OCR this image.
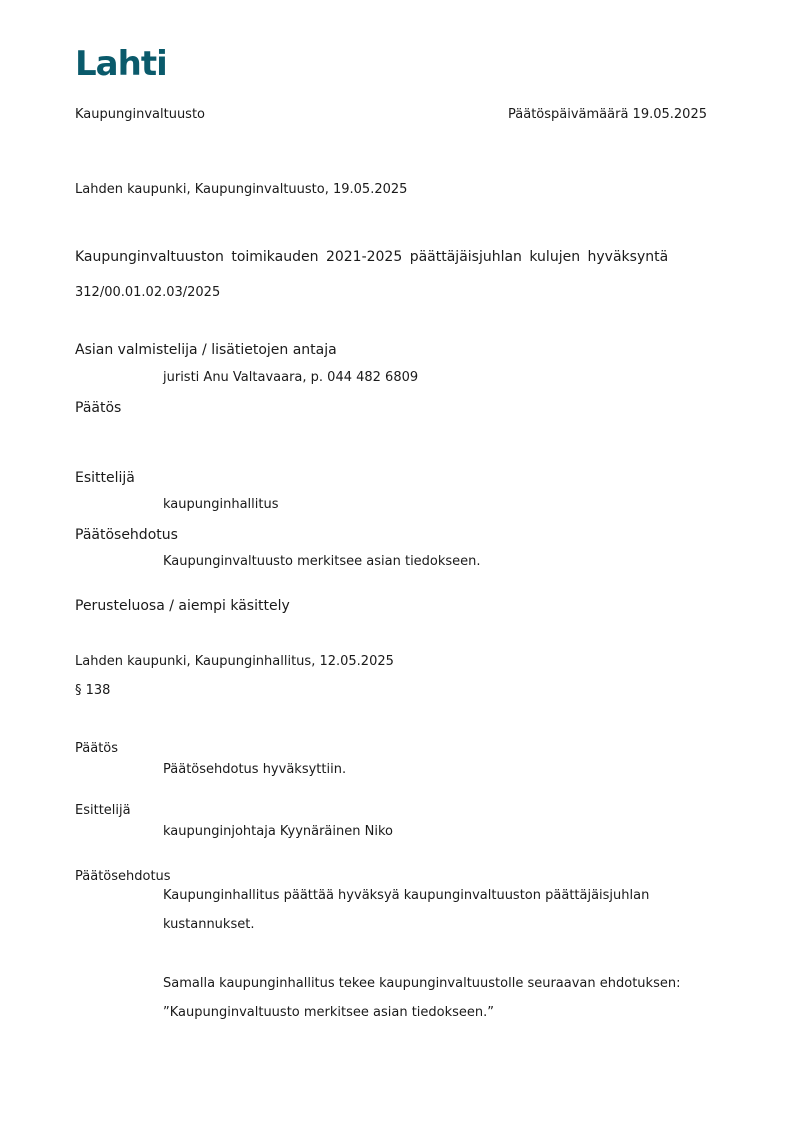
Lahti
Kaupunginvaltuusto	Päätöspäivämäärä 19.05.2025
Lahden kaupunki, Kaupunginvaltuusto, 19.05.2025
Kaupunginvaltuuston toimikauden 2021-2025 päättäjäisjuhlan kulujen hyväksyntä
312/00.01.02.03/2025
Asian valmistelija / lisätietojen antaja
juristi Anu Valtavaara, p. 044 482 6809
Päätös
Esittelijä
kaupunginhallitus
Päätösehdotus
Kaupunginvaltuusto merkitsee asian tiedokseen.
Perusteluosa / aiempi käsittely
Lahden kaupunki, Kaupunginhallitus, 12.05.2025
§ 138
Päätös
Päätösehdotus hyväksyttiin.
Esittelijä
kaupunginjohtaja Kyynäräinen Niko
Päätösehdotus
Kaupunginhallitus päättää hyväksyä kaupunginvaltuuston päättäjäisjuhlan
kustannukset.
Samalla kaupunginhallitus tekee kaupunginvaltuustolle seuraavan ehdotuksen:
”Kaupunginvaltuusto merkitsee asian tiedokseen.”
